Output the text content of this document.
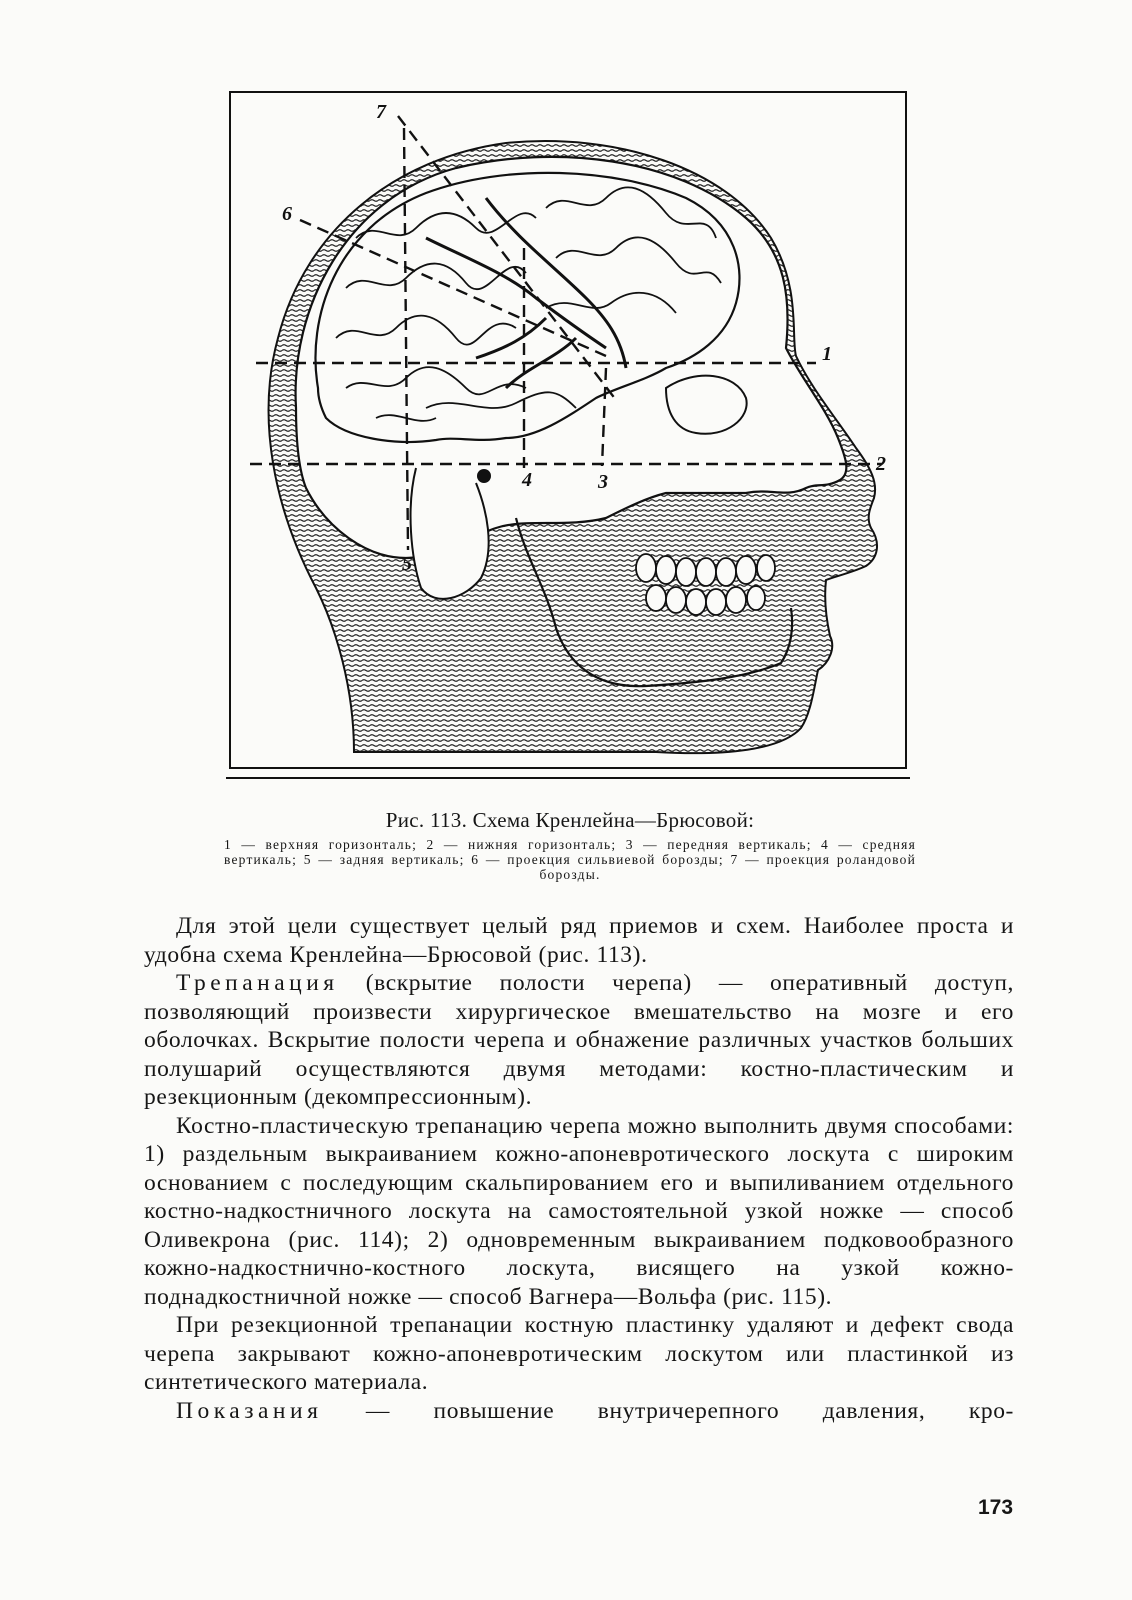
7
6
2
3
4
5
1
Рис. 113. Схема Кренлейна—Брюсовой:
1 — верхняя горизонталь; 2 — нижняя горизонталь; 3 — передняя вертикаль; 4 — средняя вертикаль; 5 — задняя вертикаль; 6 — проекция сильвиевой борозды; 7 — проекция роландовой борозды.

Для этой цели существует целый ряд приемов и схем. Наиболее проста и удобна схема Кренлейна—Брюсовой (рис. 113).

Трепанация (вскрытие полости черепа) — оперативный доступ, позволяющий произвести хирургическое вмешательство на мозге и его оболочках. Вскрытие полости черепа и обнажение различных участков больших полушарий осуществляются двумя методами: костно-пластическим и резекционным (декомпрессионным).

Костно-пластическую трепанацию черепа можно выполнить двумя способами: 1) раздельным выкраиванием кожно-апоневротического лоскута с широким основанием с последующим скальпированием его и выпиливанием отдельного костно-надкостничного лоскута на самостоятельной узкой ножке — способ Оливекрона (рис. 114); 2) одновременным выкраиванием подковообразного кожно-надкостнично-костного лоскута, висящего на узкой кожно-поднадкостничной ножке — способ Вагнера—Вольфа (рис. 115).

При резекционной трепанации костную пластинку удаляют и дефект свода черепа закрывают кожно-апоневротическим лоскутом или пластинкой из синтетического материала.

Показания — повышение внутричерепного давления, кро-

173
